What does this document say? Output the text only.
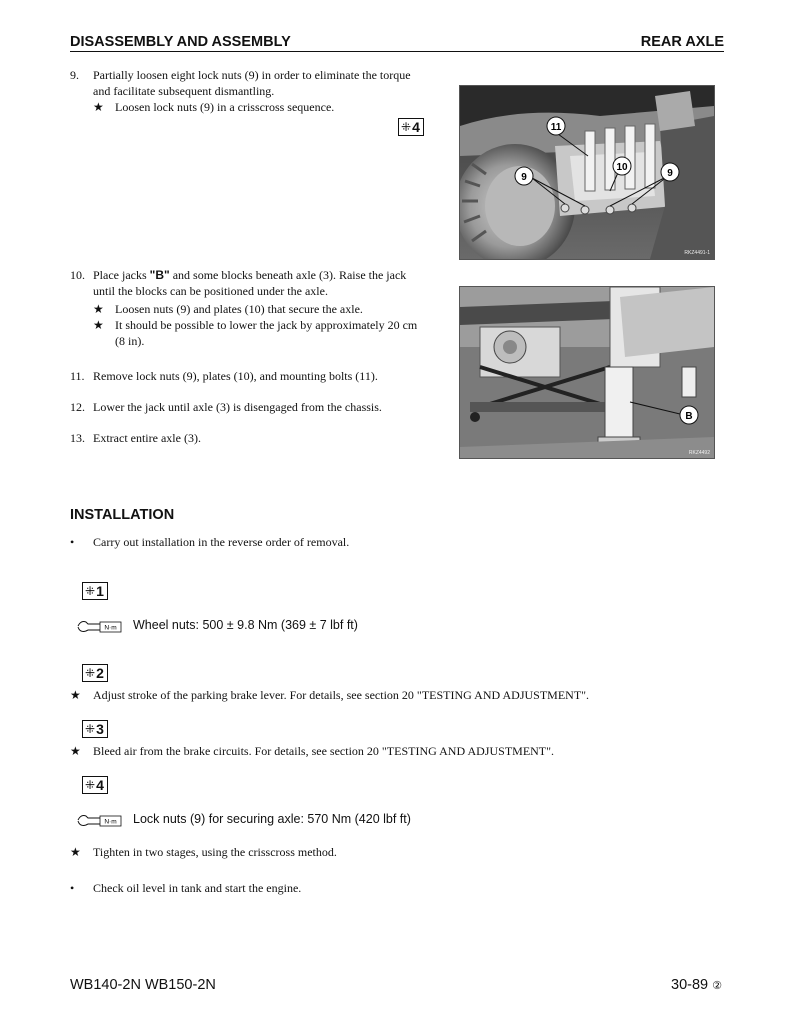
DISASSEMBLY AND ASSEMBLY	REAR AXLE
9.	Partially loosen eight lock nuts (9) in order to eliminate the torque
and facilitate subsequent dismantling.
★ Loosen lock nuts (9) in a crisscross sequence.
⁜ 4	11
10
9	9
RKZ4491-1
10. Place jacks "B" and some blocks beneath axle (3). Raise the jack
until the blocks can be positioned under the axle.
★ Loosen nuts (9) and plates (10) that secure the axle.
★ It should be possible to lower the jack by approximately 20 cm
(8 in).
11. Remove lock nuts (9), plates (10), and mounting bolts (11).
12. Lower the jack until axle (3) is disengaged from the chassis.
13. Extract entire axle (3).
B
RKZ4492
INSTALLATION
•	Carry out installation in the reverse order of removal.
⁜ 1
N·m Wheel nuts: 500 ± 9.8 Nm (369 ± 7 lbf ft)
⁜ 2
★	Adjust stroke of the parking brake lever. For details, see section 20 "TESTING AND ADJUSTMENT".
⁜ 3
★	Bleed air from the brake circuits. For details, see section 20 "TESTING AND ADJUSTMENT".
⁜ 4
N·m Lock nuts (9) for securing axle: 570 Nm (420 lbf ft)
★	Tighten in two stages, using the crisscross method.
•	Check oil level in tank and start the engine.
WB140-2N WB150-2N	30-89 ②
